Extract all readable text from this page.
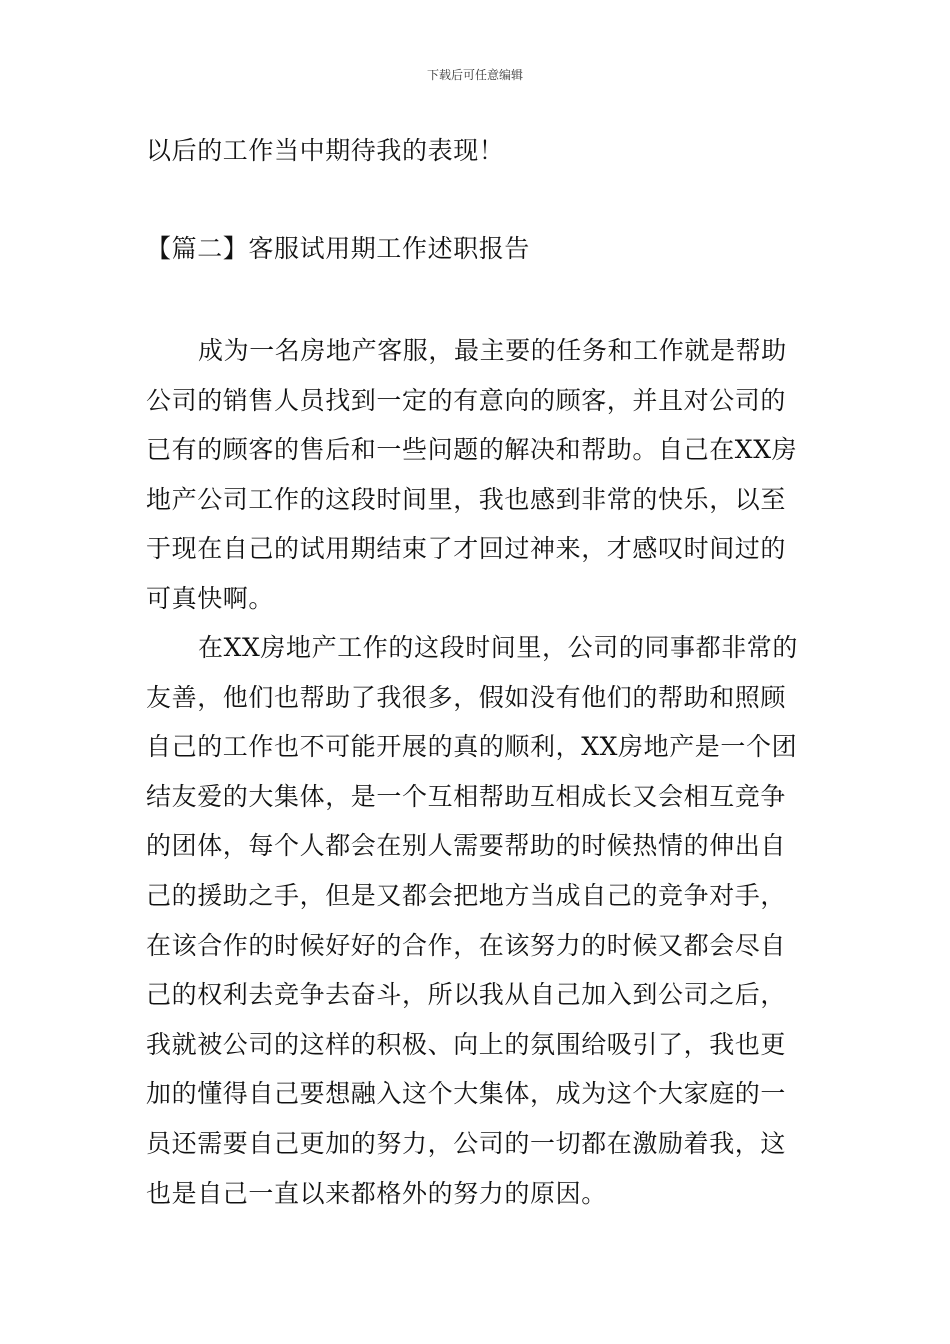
下载后可任意编辑

以后的工作当中期待我的表现！

【篇二】客服试用期工作述职报告

成为一名房地产客服，最主要的任务和工作就是帮助公司的销售人员找到一定的有意向的顾客，并且对公司的已有的顾客的售后和一些问题的解决和帮助。自己在XX房地产公司工作的这段时间里，我也感到非常的快乐，以至于现在自己的试用期结束了才回过神来，才感叹时间过的可真快啊。

在XX房地产工作的这段时间里，公司的同事都非常的友善，他们也帮助了我很多，假如没有他们的帮助和照顾自己的工作也不可能开展的真的顺利，XX房地产是一个团结友爱的大集体，是一个互相帮助互相成长又会相互竞争的团体，每个人都会在别人需要帮助的时候热情的伸出自己的援助之手，但是又都会把地方当成自己的竞争对手，在该合作的时候好好的合作，在该努力的时候又都会尽自己的权利去竞争去奋斗，所以我从自己加入到公司之后，我就被公司的这样的积极、向上的氛围给吸引了，我也更加的懂得自己要想融入这个大集体，成为这个大家庭的一员还需要自己更加的努力，公司的一切都在激励着我，这也是自己一直以来都格外的努力的原因。
